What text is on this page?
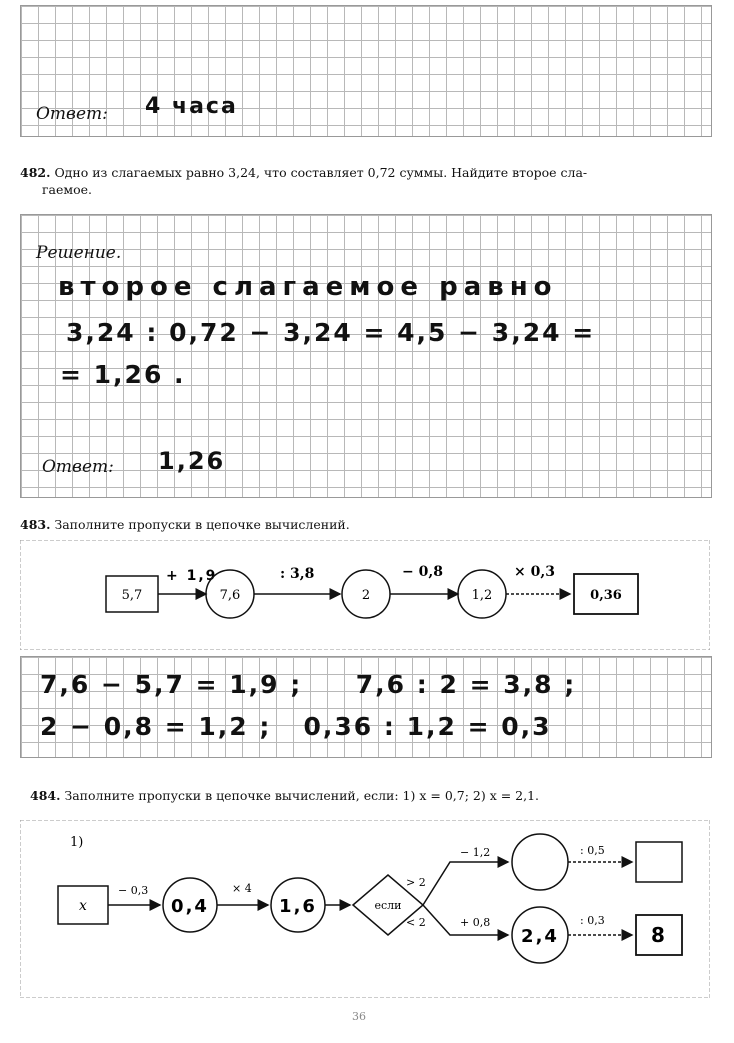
Ответ: 4 часа
482. Одно из слагаемых равно 3,24, что составляет 0,72 суммы. Найдите второе сла-
гаемое.
Решение.
второе слагаемое равно
3,24 : 0,72 − 3,24 = 4,5 − 3,24 =
= 1,26 .
Ответ: 1,26
483. Заполните пропуски в цепочке вычислений.
5,7
+ 1,9
7,6
: 3,8
2
− 0,8
1,2
× 0,3
0,36
7,6 − 5,7 = 1,9 ;     7,6 : 2 = 3,8 ;
2 − 0,8 = 1,2 ;   0,36 : 1,2 = 0,3
484. Заполните пропуски в цепочке вычислений, если: 1) x = 0,7; 2) x = 2,1.
1)
x
− 0,3
0,4
× 4
1,6	если
> 2
− 1,2	: 0,5
< 2	+ 0,8
2,4
: 0,3
8
36
